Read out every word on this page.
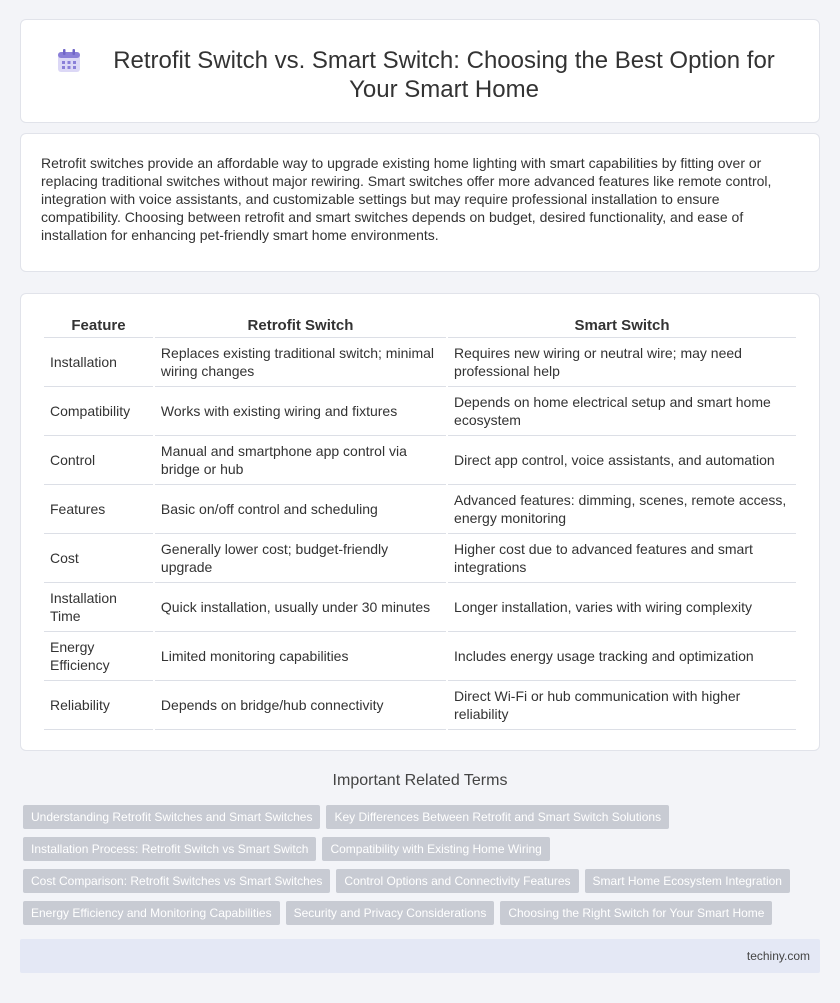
Retrofit Switch vs. Smart Switch: Choosing the Best Option for Your Smart Home

Retrofit switches provide an affordable way to upgrade existing home lighting with smart capabilities by fitting over or replacing traditional switches without major rewiring. Smart switches offer more advanced features like remote control, integration with voice assistants, and customizable settings but may require professional installation to ensure compatibility. Choosing between retrofit and smart switches depends on budget, desired functionality, and ease of installation for enhancing pet-friendly smart home environments.

Feature	Retrofit Switch	Smart Switch
Installation	Replaces existing traditional switch; minimal wiring changes	Requires new wiring or neutral wire; may need professional help
Compatibility	Works with existing wiring and fixtures	Depends on home electrical setup and smart home ecosystem
Control	Manual and smartphone app control via bridge or hub	Direct app control, voice assistants, and automation
Features	Basic on/off control and scheduling	Advanced features: dimming, scenes, remote access, energy monitoring
Cost	Generally lower cost; budget-friendly upgrade	Higher cost due to advanced features and smart integrations
Installation Time	Quick installation, usually under 30 minutes	Longer installation, varies with wiring complexity
Energy Efficiency	Limited monitoring capabilities	Includes energy usage tracking and optimization
Reliability	Depends on bridge/hub connectivity	Direct Wi-Fi or hub communication with higher reliability
Important Related Terms
Understanding Retrofit Switches and Smart Switches	Key Differences Between Retrofit and Smart Switch Solutions
Installation Process: Retrofit Switch vs Smart Switch	Compatibility with Existing Home Wiring
Cost Comparison: Retrofit Switches vs Smart Switches	Control Options and Connectivity Features	Smart Home Ecosystem Integration
Energy Efficiency and Monitoring Capabilities	Security and Privacy Considerations	Choosing the Right Switch for Your Smart Home
techiny.com
